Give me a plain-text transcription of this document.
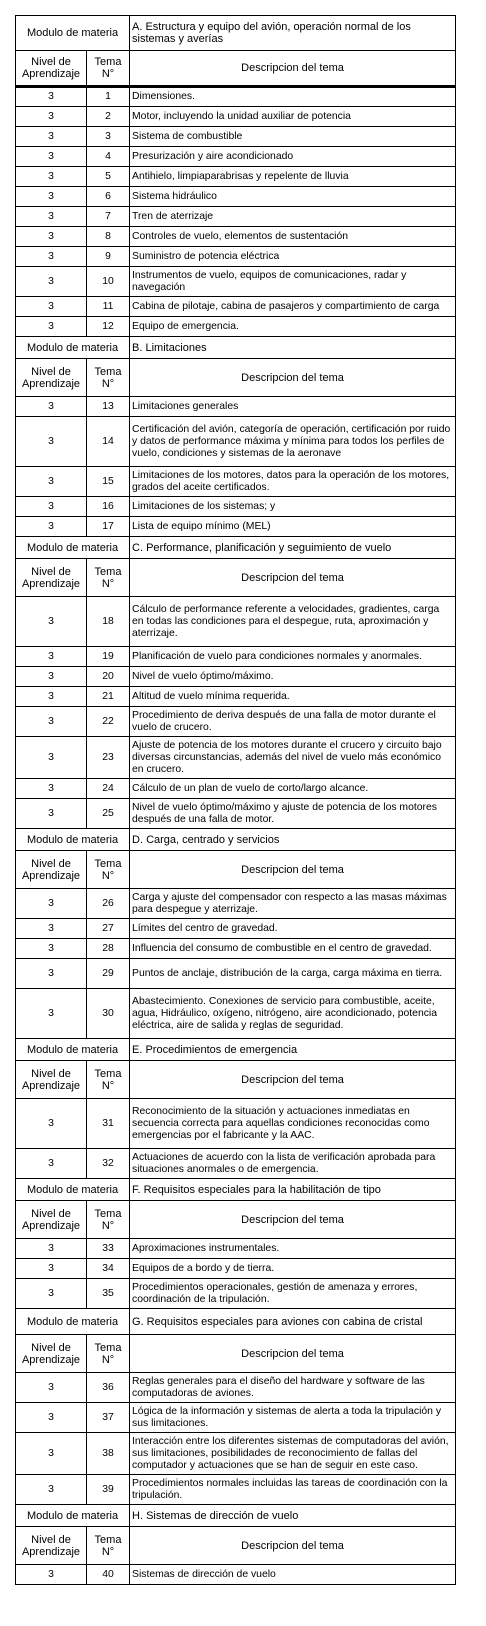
Modulo de materia		A. Estructura y equipo del avión, operación normal de los sistemas y averías
Nivel de Aprendizaje	Tema N°	Descripcion del tema
3	1	Dimensiones.
3	2	Motor, incluyendo la unidad auxiliar de potencia
3	3	Sistema de combustible
3	4	Presurización y aire acondicionado
3	5	Antihielo, limpiaparabrisas y repelente de lluvia
3	6	Sistema hidráulico
3	7	Tren de aterrizaje
3	8	Controles de vuelo, elementos de sustentación
3	9	Suministro de potencia eléctrica
3	10	Instrumentos de vuelo, equipos de comunicaciones, radar y navegación
3	11	Cabina de pilotaje, cabina de pasajeros y compartimiento de carga
3	12	Equipo de emergencia.
Modulo de materia		B. Limitaciones
Nivel de Aprendizaje	Tema N°	Descripcion del tema
3	13	Limitaciones generales
3	14	Certificación del avión, categoría de operación, certificación por ruido y datos de performance máxima y mínima para todos los perfiles de vuelo, condiciones y sistemas de la aeronave
3	15	Limitaciones de los motores, datos para la operación de los motores, grados del aceite certificados.
3	16	Limitaciones de los sistemas; y
3	17	Lista de equipo mínimo (MEL)
Modulo de materia		C. Performance, planificación y seguimiento de vuelo
Nivel de Aprendizaje	Tema N°	Descripcion del tema
3	18	Cálculo de performance referente a velocidades, gradientes, carga en todas las condiciones para el despegue, ruta, aproximación y aterrizaje.
3	19	Planificación de vuelo para condiciones normales y anormales.
3	20	Nivel de vuelo óptimo/máximo.
3	21	Altitud de vuelo mínima requerida.
3	22	Procedimiento de deriva después de una falla de motor durante el vuelo de crucero.
3	23	Ajuste de potencia de los motores durante el crucero y circuito bajo diversas circunstancias, además del nivel de vuelo más económico en crucero.
3	24	Cálculo de un plan de vuelo de corto/largo alcance.
3	25	Nivel de vuelo óptimo/máximo y ajuste de potencia de los motores después de una falla de motor.
Modulo de materia		D. Carga, centrado y servicios
Nivel de Aprendizaje	Tema N°	Descripcion del tema
3	26	Carga y ajuste del compensador con respecto a las masas máximas para despegue y aterrizaje.
3	27	Límites del centro de gravedad.
3	28	Influencia del consumo de combustible en el centro de gravedad.
3	29	Puntos de anclaje, distribución de la carga, carga máxima en tierra.
3	30	Abastecimiento. Conexiones de servicio para combustible, aceite, agua, Hidráulico, oxígeno, nitrógeno, aire acondicionado, potencia eléctrica, aire de salida y reglas de seguridad.
Modulo de materia		E. Procedimientos de emergencia
Nivel de Aprendizaje	Tema N°	Descripcion del tema
3	31	Reconocimiento de la situación y actuaciones inmediatas en secuencia correcta para aquellas condiciones reconocidas como emergencias por el fabricante y la AAC.
3	32	Actuaciones de acuerdo con la lista de verificación aprobada para situaciones anormales o de emergencia.
Modulo de materia		F. Requisitos especiales para la habilitación de tipo
Nivel de Aprendizaje	Tema N°	Descripcion del tema
3	33	Aproximaciones instrumentales.
3	34	Equipos de a bordo y de tierra.
3	35	Procedimientos operacionales, gestión de amenaza y errores, coordinación de la tripulación.
Modulo de materia		G. Requisitos especiales para aviones con cabina de cristal
Nivel de Aprendizaje	Tema N°	Descripcion del tema
3	36	Reglas generales para el diseño del hardware y software de las computadoras de aviones.
3	37	Lógica de la información y sistemas de alerta a toda la tripulación y sus limitaciones.
3	38	Interacción entre los diferentes sistemas de computadoras del avión, sus limitaciones, posibilidades de reconocimiento de fallas del computador y actuaciones que se han de seguir en este caso.
3	39	Procedimientos normales incluidas las tareas de coordinación con la tripulación.
Modulo de materia		H. Sistemas de dirección de vuelo
Nivel de Aprendizaje	Tema N°	Descripcion del tema
3	40	Sistemas de dirección de vuelo
